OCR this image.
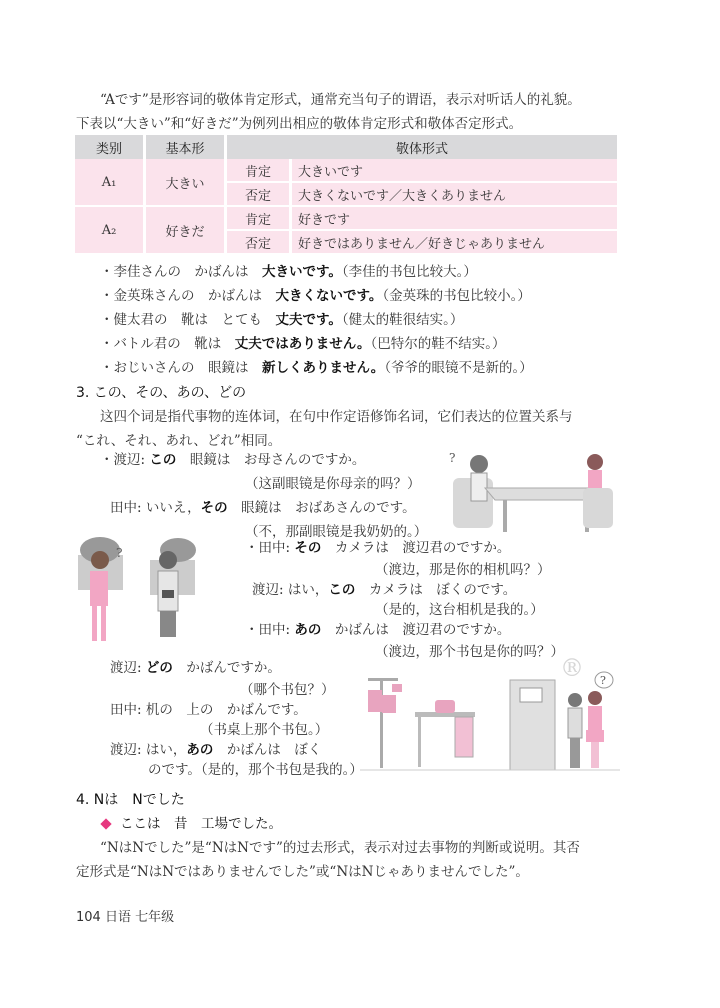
“Aです”是形容词的敬体肯定形式，通常充当句子的谓语，表示对听话人的礼貌。
下表以“大きい”和“好きだ”为例列出相应的敬体肯定形式和敬体否定形式。
类别	基本形	敬体形式	
A₁	大きい	肯定	大きいです
		否定	大きくないです／大きくありません
A₂	好きだ	肯定	好きです
		否定	好きではありません／好きじゃありません
・李佳さんの　かばんは　大きいです。（李佳的书包比较大。）
・金英珠さんの　かばんは　大きくないです。（金英珠的书包比较小。）
・健太君の　靴は　とても　丈夫です。（健太的鞋很结实。）
・バトル君の　靴は　丈夫ではありません。（巴特尔的鞋不结实。）
・おじいさんの　眼鏡は　新しくありません。（爷爷的眼镜不是新的。）
3. この、その、あの、どの
这四个词是指代事物的连体词，在句中作定语修饰名词，它们表达的位置关系与
“これ、それ、あれ、どれ”相同。
・渡辺: この　眼鏡は　お母さんのですか。
（这副眼镜是你母亲的吗？）
田中: いいえ，その　眼鏡は　おばあさんのです。
（不，那副眼镜是我奶奶的。）
・田中: その　カメラは　渡辺君のですか。
（渡边，那是你的相机吗？）
渡辺: はい，この　カメラは　ぼくのです。
（是的，这台相机是我的。）
・田中: あの　かばんは　渡辺君のですか。
（渡边，那个书包是你的吗？）
渡辺: どの　かばんですか。
（哪个书包？）
田中: 机の　上の　かばんです。
（书桌上那个书包。）
渡辺: はい，あの　かばんは　ぼく
のです。（是的，那个书包是我的。）
?
?
?
®
4. Nは　Nでした
ここは　昔　工場でした。
“NはNでした”是“NはNです”的过去形式，表示对过去事物的判断或说明。其否
定形式是“NはNではありませんでした”或“NはNじゃありませんでした”。
104 日语 七年级
